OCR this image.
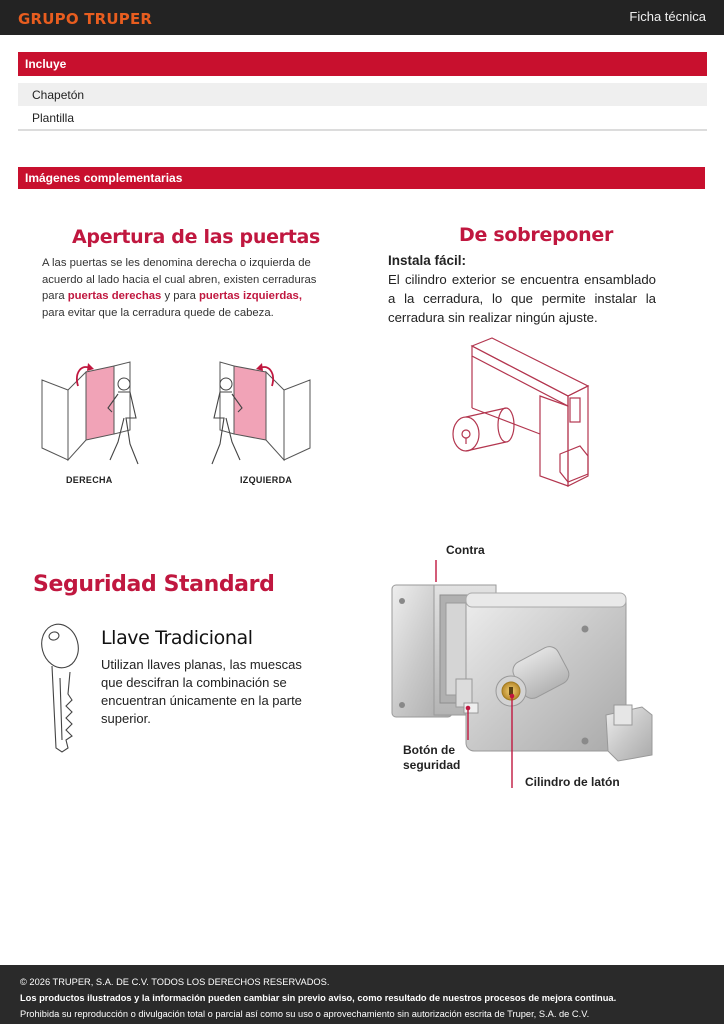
GRUPO TRUPER	Ficha técnica
Incluye
Chapetón
Plantilla
Imágenes complementarias
Apertura de las puertas
A las puertas se les denomina derecha o izquierda de acuerdo al lado hacia el cual abren, existen cerraduras para puertas derechas y para puertas izquierdas, para evitar que la cerradura quede de cabeza.
DERECHA	IZQUIERDA
De sobreponer
Instala fácil:
El cilindro exterior se encuentra ensamblado a la cerradura, lo que permite instalar la cerradura sin realizar ningún ajuste.
Seguridad Standard
Llave Tradicional
Utilizan llaves planas, las muescas que descifran la combinación se encuentran únicamente en la parte superior.
Contra
Botón de
seguridad
Cilindro de latón
© 2026 TRUPER, S.A. DE C.V. TODOS LOS DERECHOS RESERVADOS.
Los productos ilustrados y la información pueden cambiar sin previo aviso, como resultado de nuestros procesos de mejora continua.
Prohibida su reproducción o divulgación total o parcial así como su uso o aprovechamiento sin autorización escrita de Truper, S.A. de C.V.
